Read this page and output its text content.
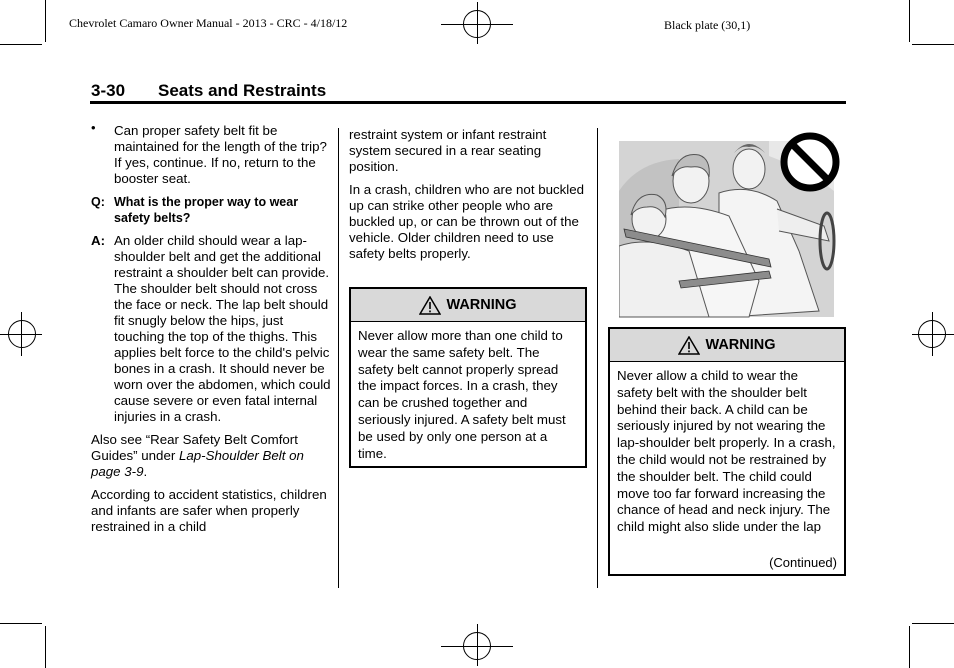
Chevrolet Camaro Owner Manual - 2013 - CRC - 4/18/12	Black plate (30,1)
3-30 Seats and Restraints
• Can proper safety belt fit be maintained for the length of the trip? If yes, continue. If no, return to the booster seat.

Q: What is the proper way to wear safety belts?

A: An older child should wear a lap-shoulder belt and get the additional restraint a shoulder belt can provide. The shoulder belt should not cross the face or neck. The lap belt should fit snugly below the hips, just touching the top of the thighs. This applies belt force to the child's pelvic bones in a crash. It should never be worn over the abdomen, which could cause severe or even fatal internal injuries in a crash.

Also see “Rear Safety Belt Comfort Guides” under Lap-Shoulder Belt on page 3-9.

According to accident statistics, children and infants are safer when properly restrained in a child

restraint system or infant restraint system secured in a rear seating position.

In a crash, children who are not buckled up can strike other people who are buckled up, or can be thrown out of the vehicle. Older children need to use safety belts properly.

WARNING
Never allow more than one child to wear the same safety belt. The safety belt cannot properly spread the impact forces. In a crash, they can be crushed together and seriously injured. A safety belt must be used by only one person at a time.
WARNING
Never allow a child to wear the safety belt with the shoulder belt behind their back. A child can be seriously injured by not wearing the lap-shoulder belt properly. In a crash, the child would not be restrained by the shoulder belt. The child could move too far forward increasing the chance of head and neck injury. The child might also slide under the lap
(Continued)
